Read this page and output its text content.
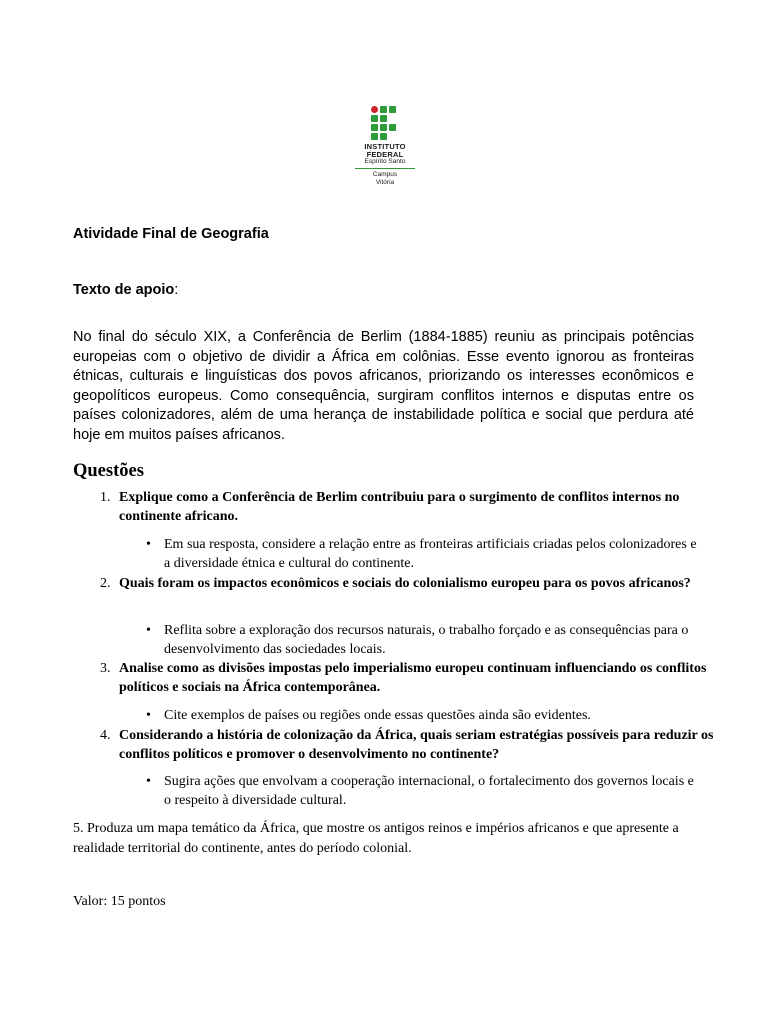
INSTITUTO
FEDERAL
Espírito Santo
Campus
Vitória
Atividade Final de Geografia
Texto de apoio:
No final do século XIX, a Conferência de Berlim (1884-1885) reuniu as principais potências europeias com o objetivo de dividir a África em colônias. Esse evento ignorou as fronteiras étnicas, culturais e linguísticas dos povos africanos, priorizando os interesses econômicos e geopolíticos europeus. Como consequência, surgiram conflitos internos e disputas entre os países colonizadores, além de uma herança de instabilidade política e social que perdura até hoje em muitos países africanos.
Questões
1. Explique como a Conferência de Berlim contribuiu para o surgimento de conflitos internos no continente africano.
• Em sua resposta, considere a relação entre as fronteiras artificiais criadas pelos colonizadores e a diversidade étnica e cultural do continente.
2. Quais foram os impactos econômicos e sociais do colonialismo europeu para os povos africanos?
• Reflita sobre a exploração dos recursos naturais, o trabalho forçado e as consequências para o desenvolvimento das sociedades locais.
3. Analise como as divisões impostas pelo imperialismo europeu continuam influenciando os conflitos políticos e sociais na África contemporânea.
• Cite exemplos de países ou regiões onde essas questões ainda são evidentes.
4. Considerando a história de colonização da África, quais seriam estratégias possíveis para reduzir os conflitos políticos e promover o desenvolvimento no continente?
• Sugira ações que envolvam a cooperação internacional, o fortalecimento dos governos locais e o respeito à diversidade cultural.
5. Produza um mapa temático da África, que mostre os antigos reinos e impérios africanos e que apresente a realidade territorial do continente, antes do período colonial.
Valor: 15 pontos
